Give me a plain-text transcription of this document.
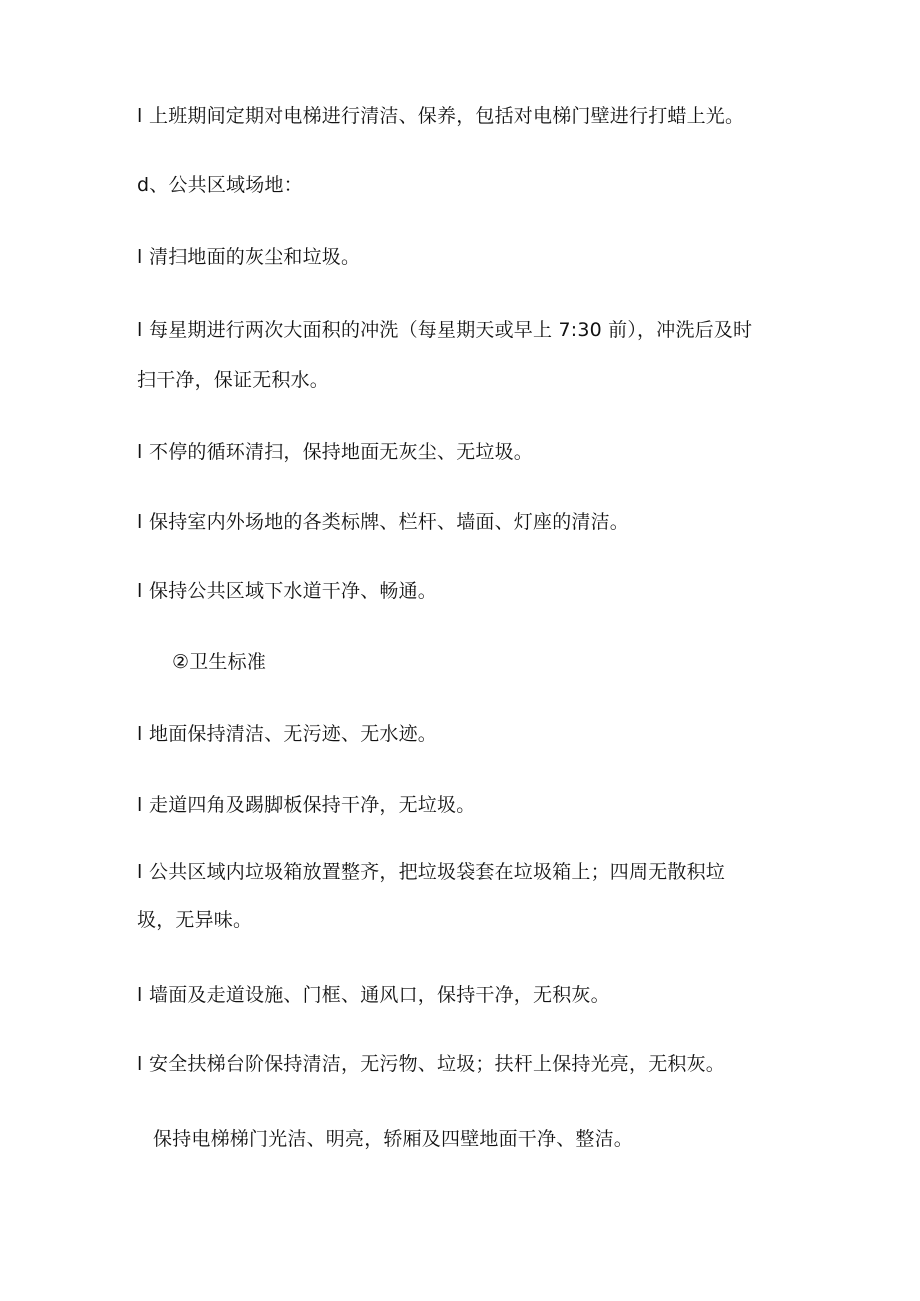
l 上班期间定期对电梯进行清洁、保养，包括对电梯门壁进行打蜡上光。
d、公共区域场地：
l 清扫地面的灰尘和垃圾。
l 每星期进行两次大面积的冲洗（每星期天或早上 7:30 前），冲洗后及时
扫干净，保证无积水。
l 不停的循环清扫，保持地面无灰尘、无垃圾。
l 保持室内外场地的各类标牌、栏杆、墙面、灯座的清洁。
l 保持公共区域下水道干净、畅通。
②卫生标准
l 地面保持清洁、无污迹、无水迹。
l 走道四角及踢脚板保持干净，无垃圾。
l 公共区域内垃圾箱放置整齐，把垃圾袋套在垃圾箱上；四周无散积垃
圾，无异味。
l 墙面及走道设施、门框、通风口，保持干净，无积灰。
l 安全扶梯台阶保持清洁，无污物、垃圾；扶杆上保持光亮，无积灰。
保持电梯梯门光洁、明亮，轿厢及四壁地面干净、整洁。
